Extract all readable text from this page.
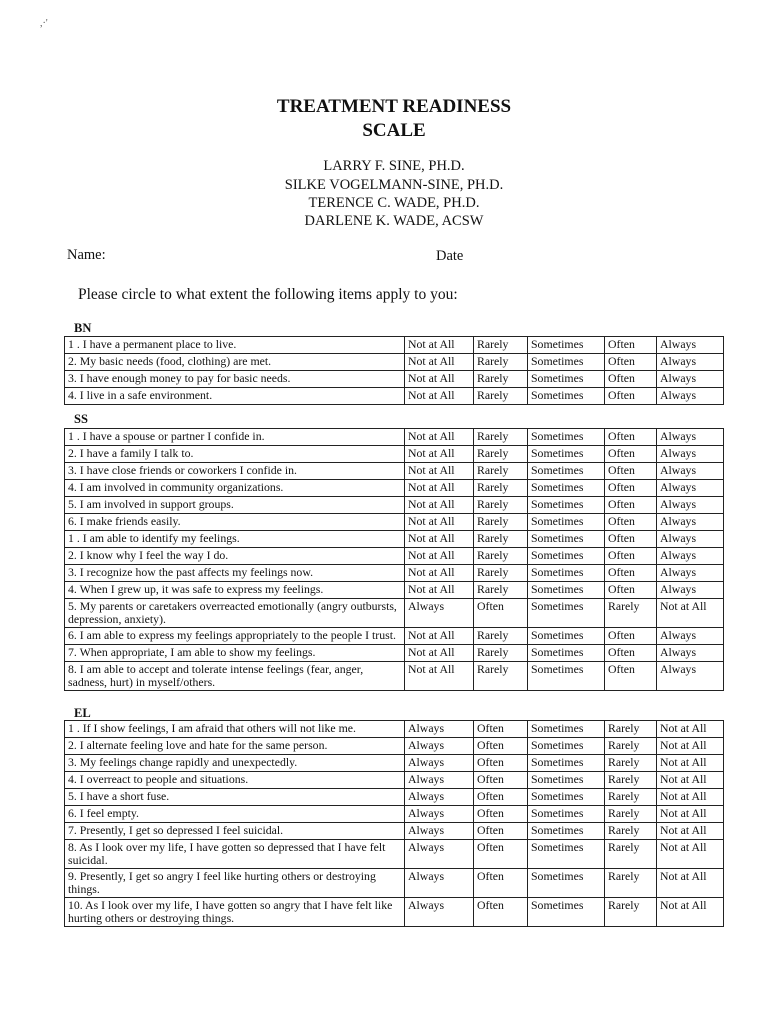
,·'
TREATMENT READINESS
SCALE
LARRY F. SINE, PH.D.
SILKE VOGELMANN-SINE, PH.D.
TERENCE C. WADE, PH.D.
DARLENE K. WADE, ACSW
Name:	Date
Please circle to what extent the following items apply to you:
BN
1 . I have a permanent place to live.	Not at All	Rarely	Sometimes	Often	Always
2. My basic needs (food, clothing) are met.	Not at All	Rarely	Sometimes	Often	Always
3. I have enough money to pay for basic needs.	Not at All	Rarely	Sometimes	Often	Always
4. I live in a safe environment.	Not at All	Rarely	Sometimes	Often	Always
SS
1 . I have a spouse or partner I confide in.	Not at All	Rarely	Sometimes	Often	Always
2. I have a family I talk to.	Not at All	Rarely	Sometimes	Often	Always
3. I have close friends or coworkers I confide in.	Not at All	Rarely	Sometimes	Often	Always
4. I am involved in community organizations.	Not at All	Rarely	Sometimes	Often	Always
5. I am involved in support groups.	Not at All	Rarely	Sometimes	Often	Always
6. I make friends easily.	Not at All	Rarely	Sometimes	Often	Always
1 . I am able to identify my feelings.	Not at All	Rarely	Sometimes	Often	Always
2. I know why I feel the way I do.	Not at All	Rarely	Sometimes	Often	Always
3. I recognize how the past affects my feelings now.	Not at All	Rarely	Sometimes	Often	Always
4. When I grew up, it was safe to express my feelings.	Not at All	Rarely	Sometimes	Often	Always
5. My parents or caretakers overreacted emotionally (angry outbursts, depression, anxiety).	Always	Often	Sometimes	Rarely	Not at All
6. I am able to express my feelings appropriately to the people I trust.	Not at All	Rarely	Sometimes	Often	Always
7. When appropriate, I am able to show my feelings.	Not at All	Rarely	Sometimes	Often	Always
8. I am able to accept and tolerate intense feelings (fear, anger, sadness, hurt) in myself/others.	Not at All	Rarely	Sometimes	Often	Always
EL
1 . If I show feelings, I am afraid that others will not like me.	Always	Often	Sometimes	Rarely	Not at All
2. I alternate feeling love and hate for the same person.	Always	Often	Sometimes	Rarely	Not at All
3. My feelings change rapidly and unexpectedly.	Always	Often	Sometimes	Rarely	Not at All
4. I overreact to people and situations.	Always	Often	Sometimes	Rarely	Not at All
5. I have a short fuse.	Always	Often	Sometimes	Rarely	Not at All
6. I feel empty.	Always	Often	Sometimes	Rarely	Not at All
7. Presently, I get so depressed I feel suicidal.	Always	Often	Sometimes	Rarely	Not at All
8. As I look over my life, I have gotten so depressed that I have felt suicidal.	Always	Often	Sometimes	Rarely	Not at All
9. Presently, I get so angry I feel like hurting others or destroying things.	Always	Often	Sometimes	Rarely	Not at All
10. As I look over my life, I have gotten so angry that I have felt like hurting others or destroying things.	Always	Often	Sometimes	Rarely	Not at All
